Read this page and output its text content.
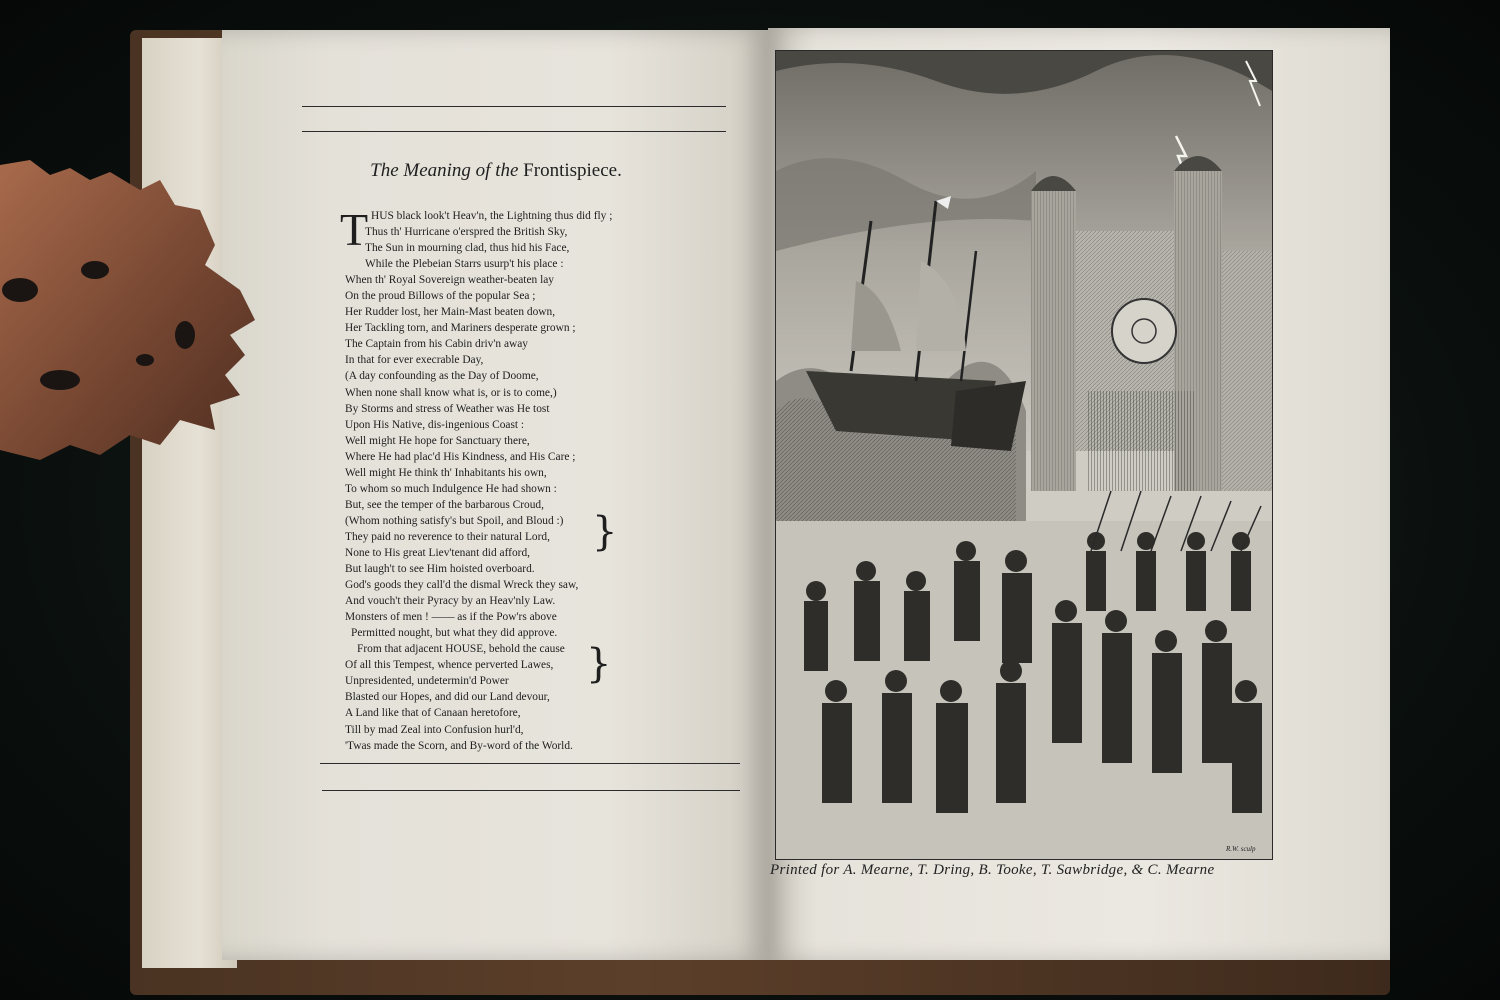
The Meaning of the Frontispiece.
T HUS black look't Heav'n, the Lightning thus did fly ;
Thus th' Hurricane o'erspred the British Sky,
The Sun in mourning clad, thus hid his Face,
While the Plebeian Starrs usurp't his place :
When th' Royal Sovereign weather-beaten lay
On the proud Billows of the popular Sea ;
Her Rudder lost, her Main-Mast beaten down,
Her Tackling torn, and Mariners desperate grown ;
The Captain from his Cabin driv'n away
In that for ever execrable Day,
(A day confounding as the Day of Doome,
When none shall know what is, or is to come,)
By Storms and stress of Weather was He tost
Upon His Native, dis-ingenious Coast :
Well might He hope for Sanctuary there,
Where He had plac'd His Kindness, and His Care ;
Well might He think th' Inhabitants his own,
To whom so much Indulgence He had shown :
But, see the temper of the barbarous Croud,
(Whom nothing satisfy's but Spoil, and Bloud :)
They paid no reverence to their natural Lord,
None to His great Liev'tenant did afford,
But laugh't to see Him hoisted overboard.
God's goods they call'd the dismal Wreck they saw,
And vouch't their Pyracy by an Heav'nly Law.
Monsters of men ! —— as if the Pow'rs above
Permitted nought, but what they did approve.
From that adjacent HOUSE, behold the cause
Of all this Tempest, whence perverted Lawes,
Unpresidented, undetermin'd Power
Blasted our Hopes, and did our Land devour,
A Land like that of Canaan heretofore,
Till by mad Zeal into Confusion hurl'd,
'Twas made the Scorn, and By-word of the World.
}
}
R.W. sculp
Printed for A. Mearne, T. Dring, B. Tooke, T. Sawbridge, & C. Mearne
